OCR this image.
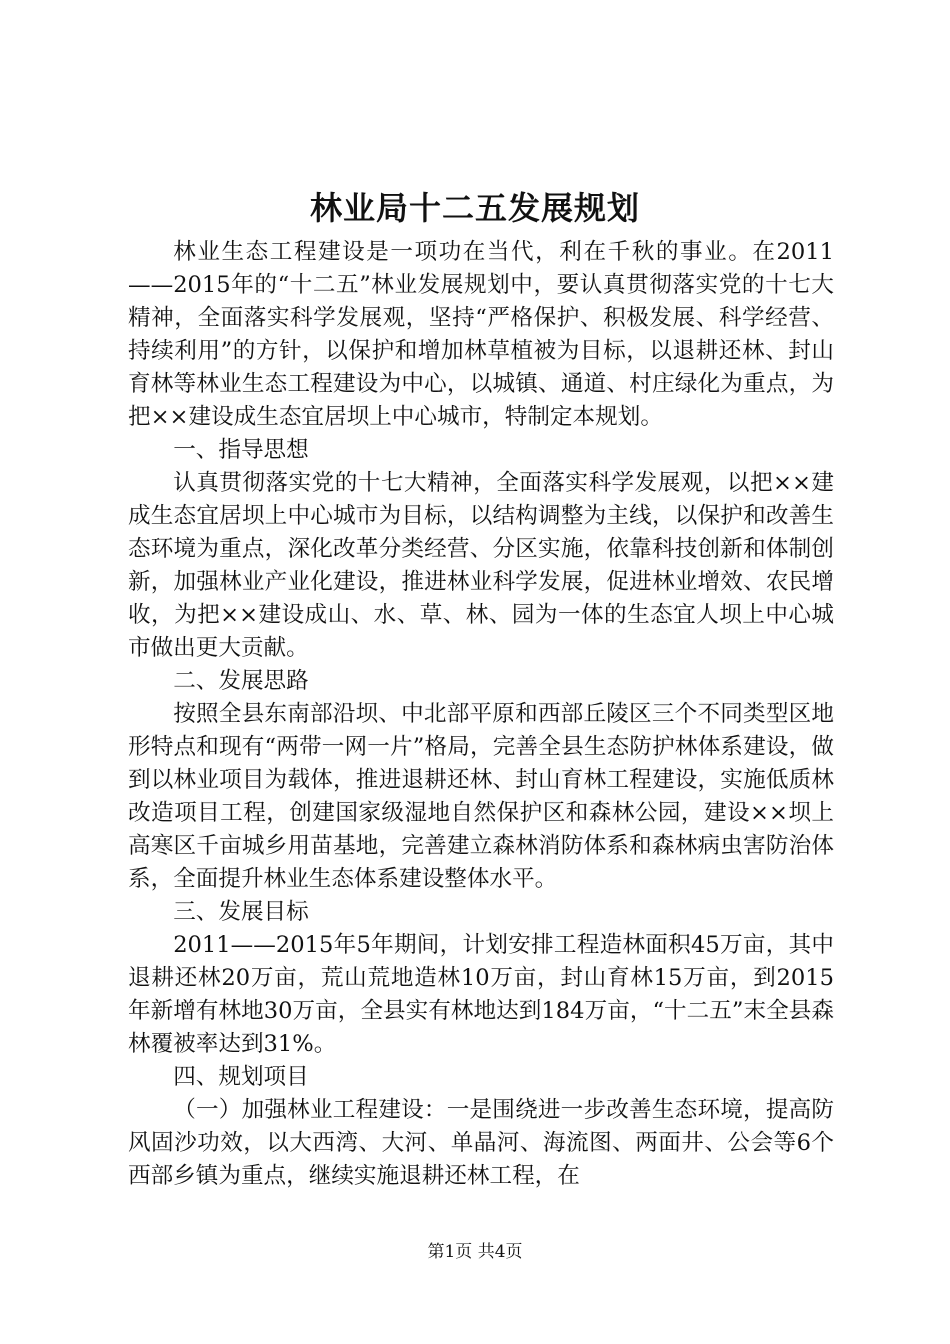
林业局十二五发展规划

林业生态工程建设是一项功在当代，利在千秋的事业。在2011——2015年的“十二五”林业发展规划中，要认真贯彻落实党的十七大精神，全面落实科学发展观，坚持“严格保护、积极发展、科学经营、持续利用”的方针，以保护和增加林草植被为目标，以退耕还林、封山育林等林业生态工程建设为中心，以城镇、通道、村庄绿化为重点，为把××建设成生态宜居坝上中心城市，特制定本规划。

一、指导思想

认真贯彻落实党的十七大精神，全面落实科学发展观，以把××建成生态宜居坝上中心城市为目标，以结构调整为主线，以保护和改善生态环境为重点，深化改革分类经营、分区实施，依靠科技创新和体制创新，加强林业产业化建设，推进林业科学发展，促进林业增效、农民增收，为把××建设成山、水、草、林、园为一体的生态宜人坝上中心城市做出更大贡献。

二、发展思路

按照全县东南部沿坝、中北部平原和西部丘陵区三个不同类型区地形特点和现有“两带一网一片”格局，完善全县生态防护林体系建设，做到以林业项目为载体，推进退耕还林、封山育林工程建设，实施低质林改造项目工程，创建国家级湿地自然保护区和森林公园，建设××坝上高寒区千亩城乡用苗基地，完善建立森林消防体系和森林病虫害防治体系，全面提升林业生态体系建设整体水平。

三、发展目标

2011——2015年5年期间，计划安排工程造林面积45万亩，其中退耕还林20万亩，荒山荒地造林10万亩，封山育林15万亩，到2015年新增有林地30万亩，全县实有林地达到184万亩，“十二五”末全县森林覆被率达到31%。

四、规划项目

（一）加强林业工程建设：一是围绕进一步改善生态环境，提高防风固沙功效，以大西湾、大河、单晶河、海流图、两面井、公会等6个西部乡镇为重点，继续实施退耕还林工程，在

第1页 共4页
